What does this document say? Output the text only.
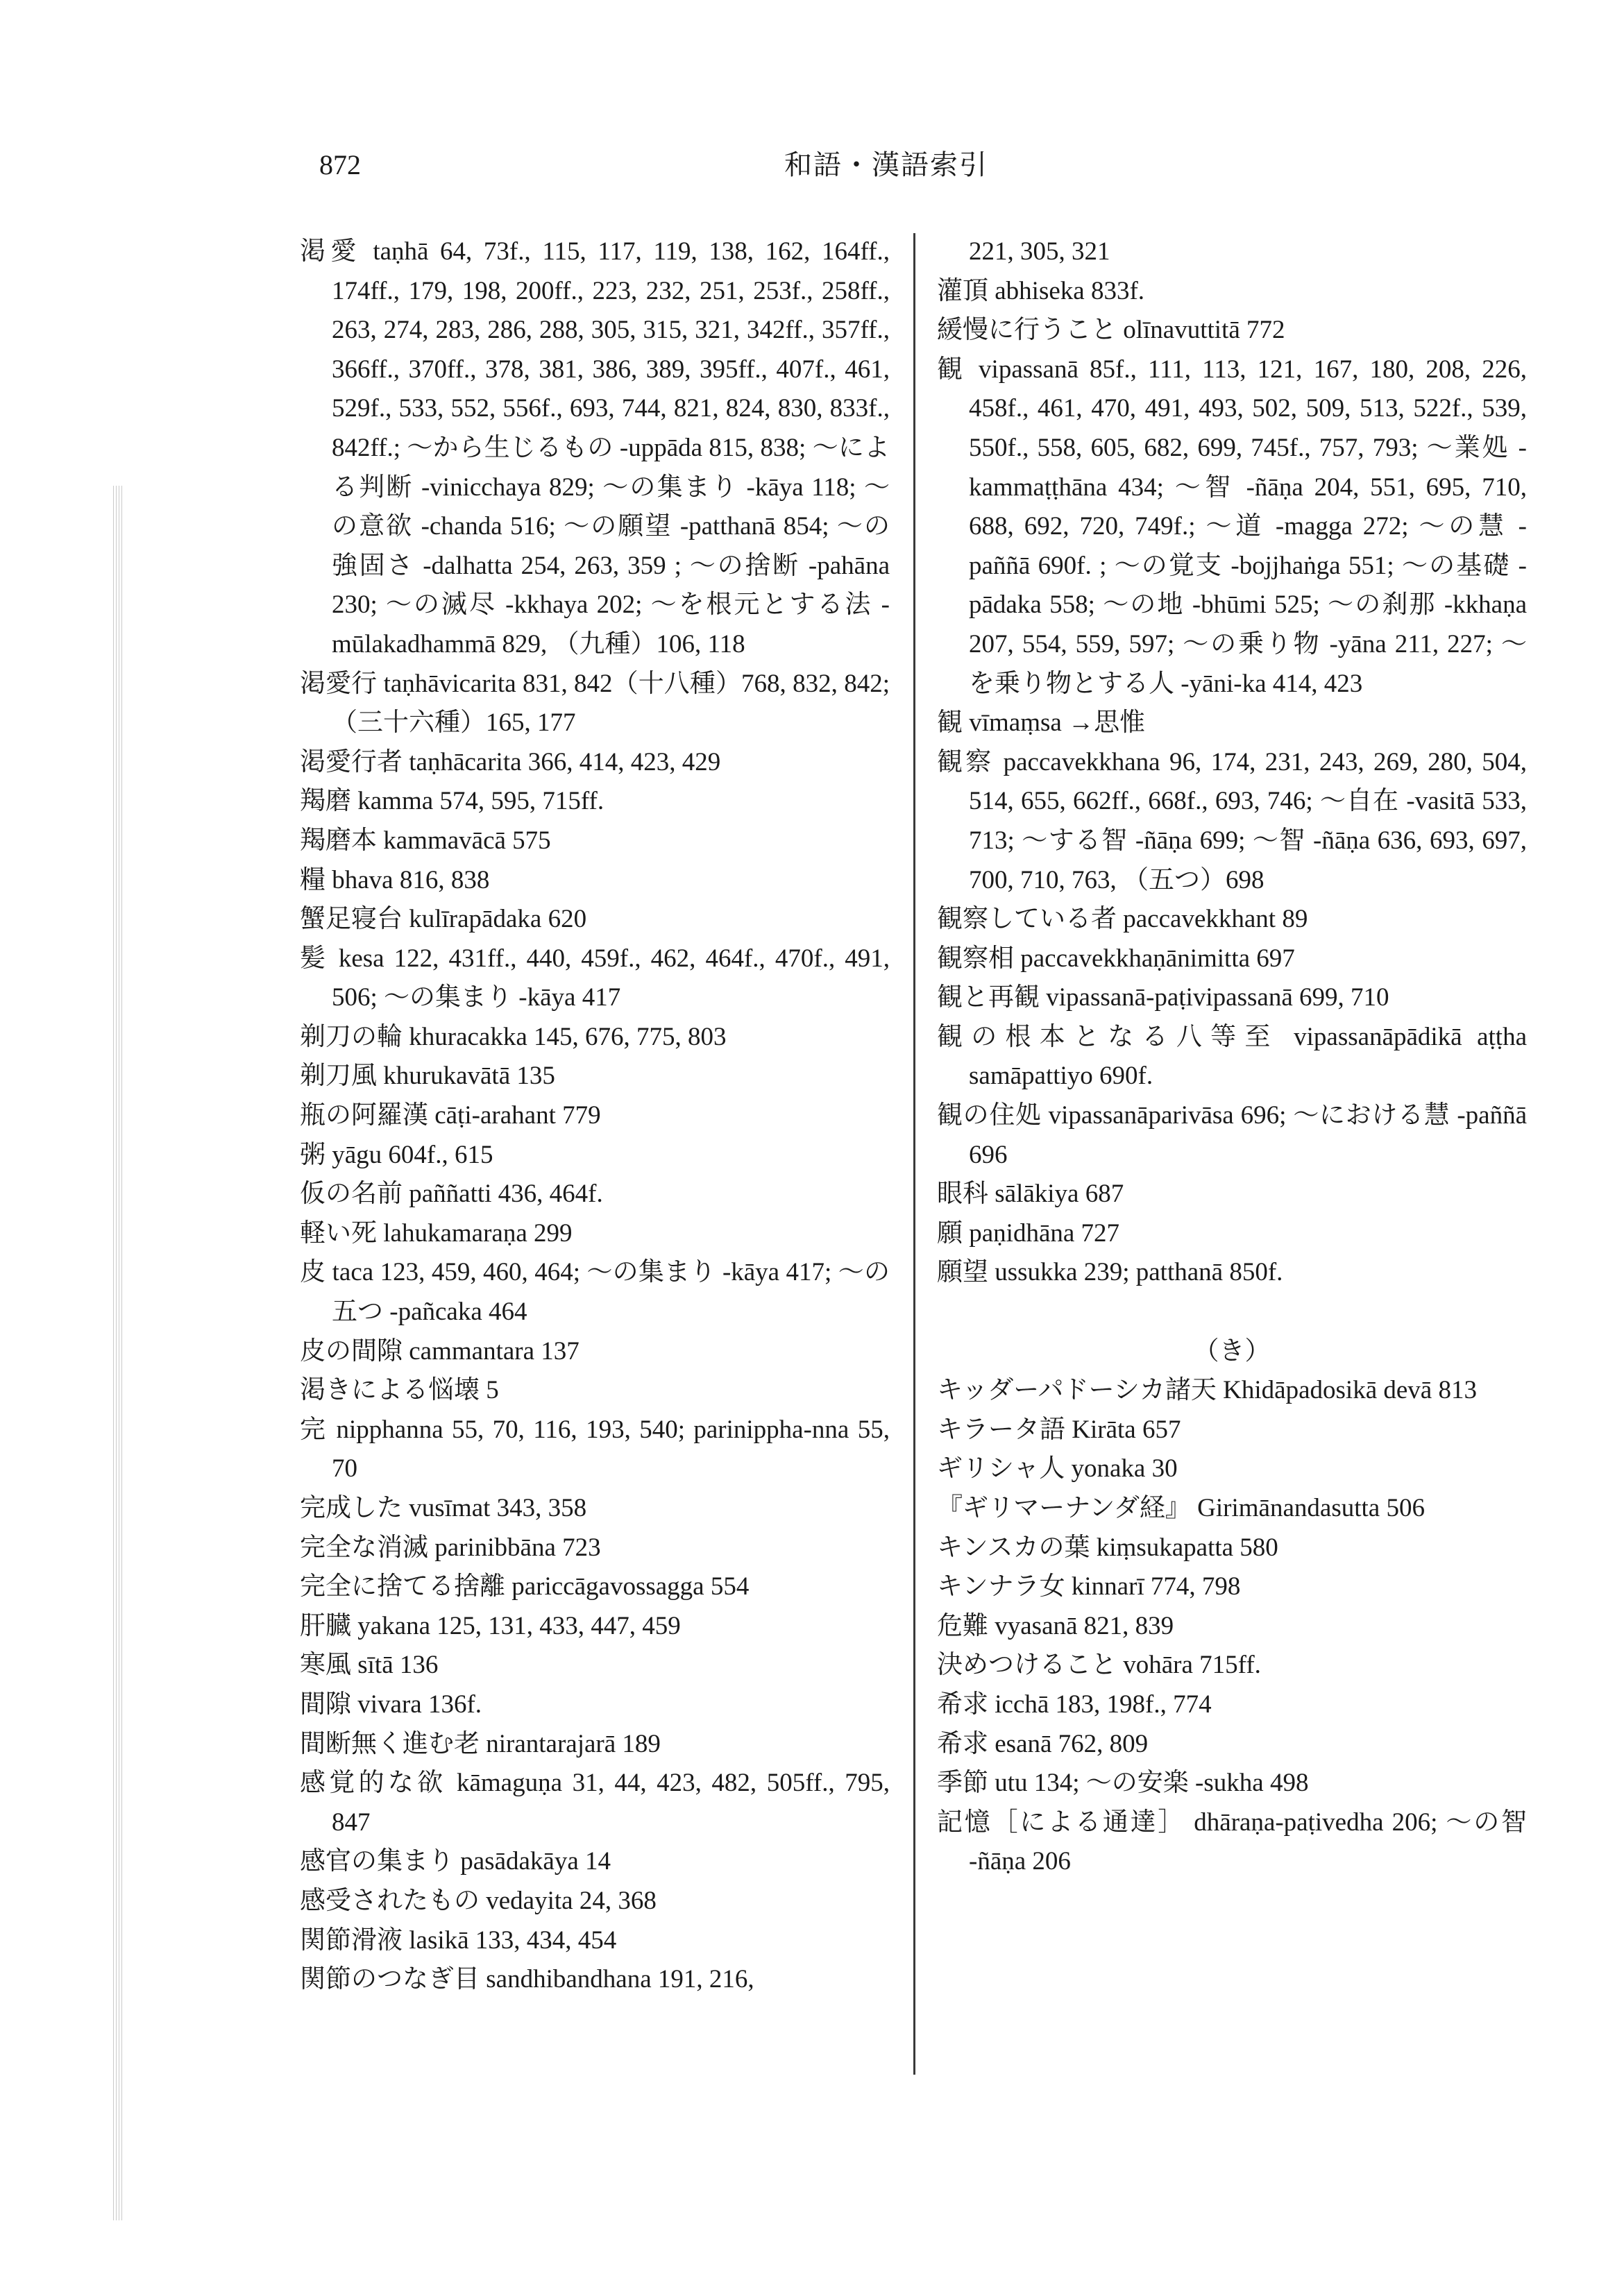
872	和語・漢語索引

渇愛 taṇhā 64, 73f., 115, 117, 119, 138, 162, 164ff., 174ff., 179, 198, 200ff., 223, 232, 251, 253f., 258ff., 263, 274, 283, 286, 288, 305, 315, 321, 342ff., 357ff., 366ff., 370ff., 378, 381, 386, 389, 395ff., 407f., 461, 529f., 533, 552, 556f., 693, 744, 821, 824, 830, 833f., 842ff.; ～から生じるもの -uppāda 815, 838; ～による判断 -vinicchaya 829; ～の集まり -kāya 118; ～の意欲 -chanda 516; ～の願望 -patthanā 854; ～の強固さ -dalhatta 254, 263, 359 ; ～の捨断 -pahāna 230; ～の滅尽 -kkhaya 202; ～を根元とする法 -mūlakadhammā 829, （九種）106, 118

渇愛行 taṇhāvicarita 831, 842（十八種）768, 832, 842; （三十六種）165, 177

渇愛行者 taṇhācarita 366, 414, 423, 429

羯磨 kamma 574, 595, 715ff.

羯磨本 kammavācā 575

糧 bhava 816, 838

蟹足寝台 kulīrapādaka 620

髪 kesa 122, 431ff., 440, 459f., 462, 464f., 470f., 491, 506; ～の集まり -kāya 417

剃刀の輪 khuracakka 145, 676, 775, 803

剃刀風 khurukavātā 135

瓶の阿羅漢 cāṭi-arahant 779

粥 yāgu 604f., 615

仮の名前 paññatti 436, 464f.

軽い死 lahukamaraṇa 299

皮 taca 123, 459, 460, 464; ～の集まり -kāya 417; ～の五つ -pañcaka 464

皮の間隙 cammantara 137

渇きによる悩壊 5

完 nipphanna 55, 70, 116, 193, 540; parinippha-nna 55, 70

完成した vusīmat 343, 358

完全な消滅 parinibbāna 723

完全に捨てる捨離 pariccāgavossagga 554

肝臓 yakana 125, 131, 433, 447, 459

寒風 sītā 136

間隙 vivara 136f.

間断無く進む老 nirantarajarā 189

感覚的な欲 kāmaguṇa 31, 44, 423, 482, 505ff., 795, 847

感官の集まり pasādakāya 14

感受されたもの vedayita 24, 368

関節滑液 lasikā 133, 434, 454

関節のつなぎ目 sandhibandhana 191, 216,

221, 305, 321

灌頂 abhiseka 833f.

緩慢に行うこと olīnavuttitā 772

観 vipassanā 85f., 111, 113, 121, 167, 180, 208, 226, 458f., 461, 470, 491, 493, 502, 509, 513, 522f., 539, 550f., 558, 605, 682, 699, 745f., 757, 793; ～業処 -kammaṭṭhāna 434; ～智 -ñāṇa 204, 551, 695, 710, 688, 692, 720, 749f.; ～道 -magga 272; ～の慧 -paññā 690f. ; ～の覚支 -bojjhaṅga 551; ～の基礎 -pādaka 558; ～の地 -bhūmi 525; ～の刹那 -kkhaṇa 207, 554, 559, 597; ～の乗り物 -yāna 211, 227; ～を乗り物とする人 -yāni-ka 414, 423

観 vīmaṃsa →思惟

観察 paccavekkhana 96, 174, 231, 243, 269, 280, 504, 514, 655, 662ff., 668f., 693, 746; ～自在 -vasitā 533, 713; ～する智 -ñāṇa 699; ～智 -ñāṇa 636, 693, 697, 700, 710, 763, （五つ）698

観察している者 paccavekkhant 89

観察相 paccavekkhaṇānimitta 697

観と再観 vipassanā-paṭivipassanā 699, 710

観の根本となる八等至 vipassanāpādikā aṭṭha samāpattiyo 690f.

観の住処 vipassanāparivāsa 696; ～における慧 -paññā 696

眼科 sālākiya 687

願 paṇidhāna 727

願望 ussukka 239; patthanā 850f.

（き）

キッダーパドーシカ諸天 Khidāpadosikā devā 813

キラータ語 Kirāta 657

ギリシャ人 yonaka 30

『ギリマーナンダ経』 Girimānandasutta 506

キンスカの葉 kiṃsukapatta 580

キンナラ女 kinnarī 774, 798

危難 vyasanā 821, 839

決めつけること vohāra 715ff.

希求 icchā 183, 198f., 774

希求 esanā 762, 809

季節 utu 134; ～の安楽 -sukha 498

記憶［による通達］ dhāraṇa-paṭivedha 206; ～の智 -ñāṇa 206
